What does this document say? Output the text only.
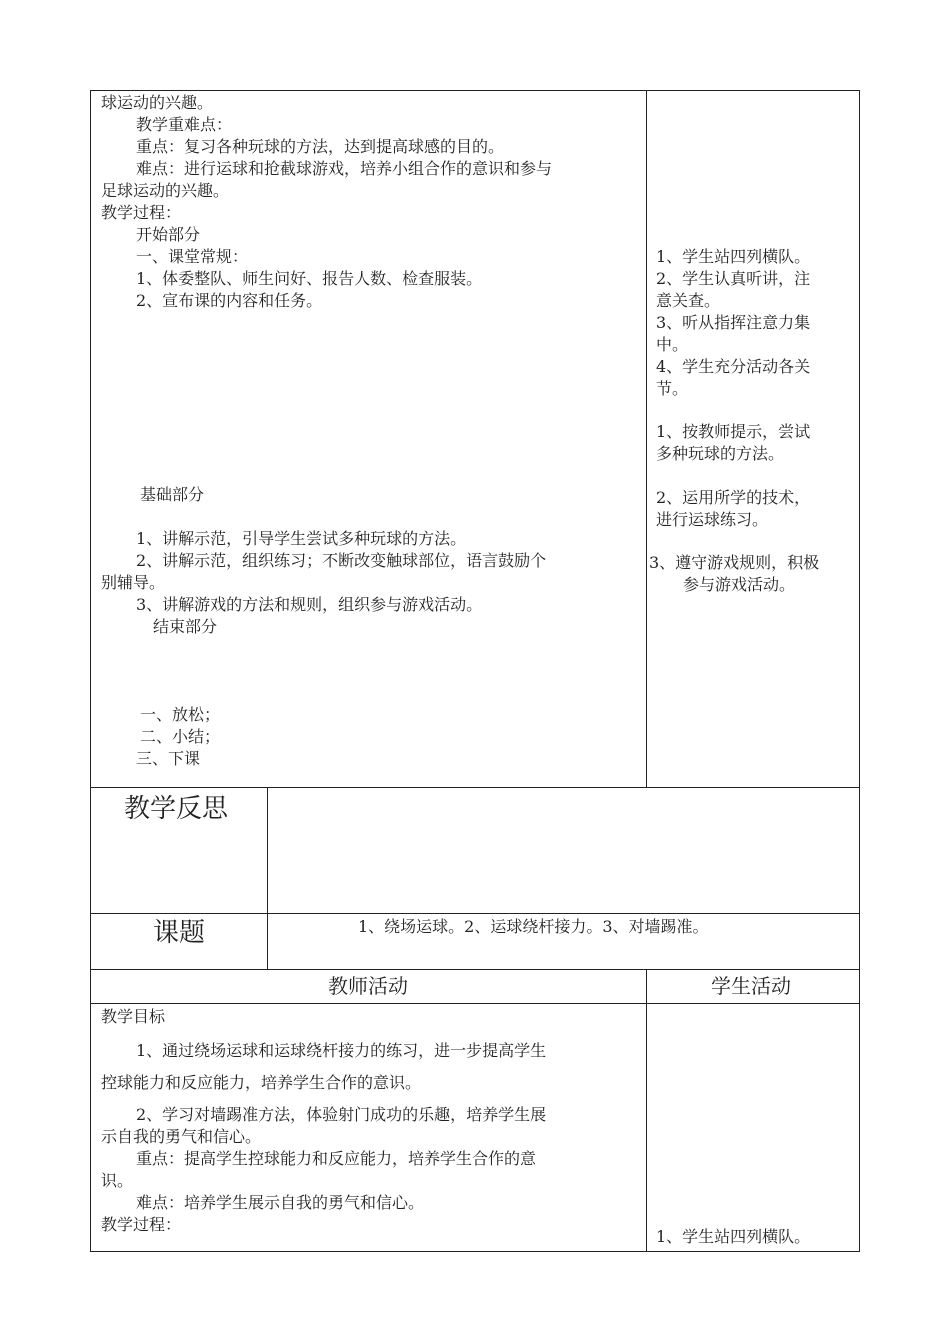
球运动的兴趣。
教学重难点：
重点：复习各种玩球的方法，达到提高球感的目的。
难点：进行运球和抢截球游戏，培养小组合作的意识和参与
足球运动的兴趣。
教学过程：
开始部分
一、课堂常规：
1、体委整队、师生问好、报告人数、检查服装。
2、宣布课的内容和任务。
基础部分
1、讲解示范，引导学生尝试多种玩球的方法。
2、讲解示范，组织练习；不断改变触球部位，语言鼓励个
别辅导。
3、讲解游戏的方法和规则，组织参与游戏活动。
结束部分
一、放松；
二、小结；
三、下课
1、学生站四列横队。
2、学生认真听讲，注
意关查。
3、听从指挥注意力集
中。
4、学生充分活动各关
节。
1、按教师提示，尝试
多种玩球的方法。
2、运用所学的技术，
进行运球练习。
3、遵守游戏规则，积极
参与游戏活动。
教学反思
课题	1、绕场运球。2、运球绕杆接力。3、对墙踢准。
教师活动	学生活动
教学目标
1、通过绕场运球和运球绕杆接力的练习，进一步提高学生
控球能力和反应能力，培养学生合作的意识。
2、学习对墙踢准方法，体验射门成功的乐趣，培养学生展
示自我的勇气和信心。
重点：提高学生控球能力和反应能力，培养学生合作的意
识。
难点：培养学生展示自我的勇气和信心。
教学过程：
1、学生站四列横队。
